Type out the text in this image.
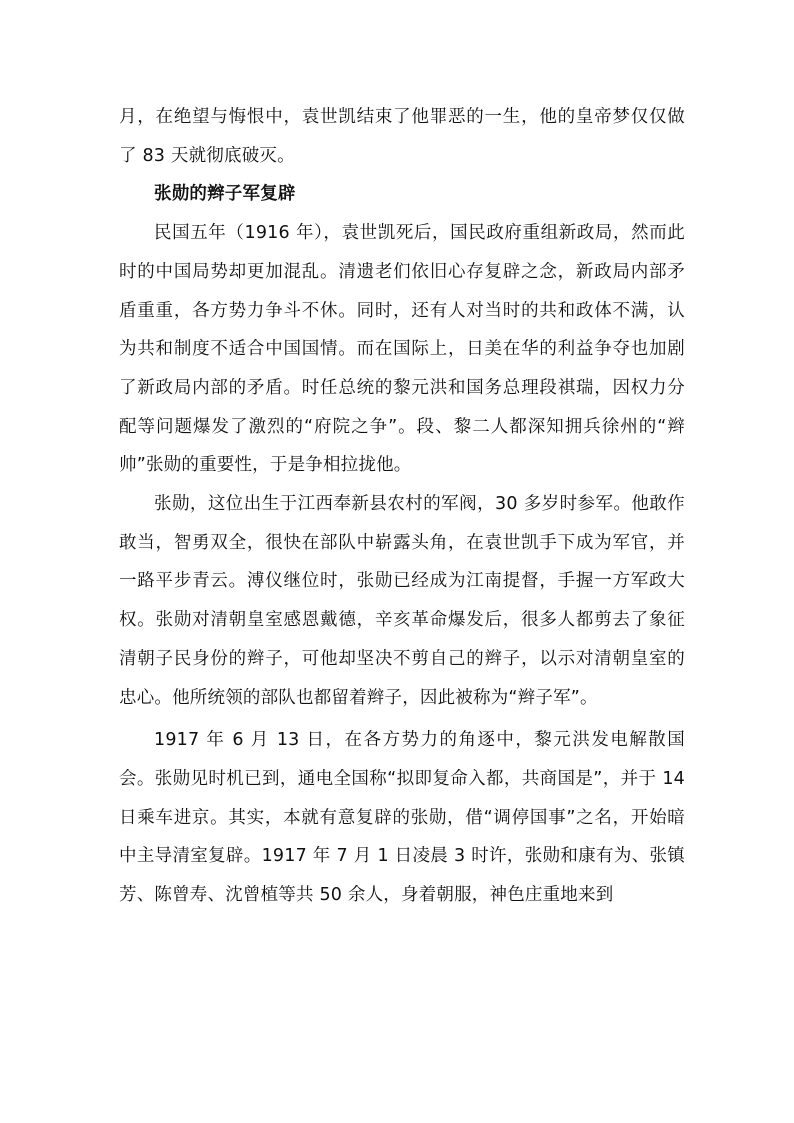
月，在绝望与悔恨中，袁世凯结束了他罪恶的一生，他的皇帝梦仅仅做了 83 天就彻底破灭。

张勋的辫子军复辟

民国五年（1916 年），袁世凯死后，国民政府重组新政局，然而此时的中国局势却更加混乱。清遗老们依旧心存复辟之念，新政局内部矛盾重重，各方势力争斗不休。同时，还有人对当时的共和政体不满，认为共和制度不适合中国国情。而在国际上，日美在华的利益争夺也加剧了新政局内部的矛盾。时任总统的黎元洪和国务总理段祺瑞，因权力分配等问题爆发了激烈的“府院之争”。段、黎二人都深知拥兵徐州的“辫帅”张勋的重要性，于是争相拉拢他。

张勋，这位出生于江西奉新县农村的军阀，30 多岁时参军。他敢作敢当，智勇双全，很快在部队中崭露头角，在袁世凯手下成为军官，并一路平步青云。溥仪继位时，张勋已经成为江南提督，手握一方军政大权。张勋对清朝皇室感恩戴德，辛亥革命爆发后，很多人都剪去了象征清朝子民身份的辫子，可他却坚决不剪自己的辫子，以示对清朝皇室的忠心。他所统领的部队也都留着辫子，因此被称为“辫子军”。

1917 年 6 月 13 日，在各方势力的角逐中，黎元洪发电解散国会。张勋见时机已到，通电全国称“拟即复命入都，共商国是”，并于 14 日乘车进京。其实，本就有意复辟的张勋，借“调停国事”之名，开始暗中主导清室复辟。1917 年 7 月 1 日凌晨 3 时许，张勋和康有为、张镇芳、陈曾寿、沈曾植等共 50 余人，身着朝服，神色庄重地来到
